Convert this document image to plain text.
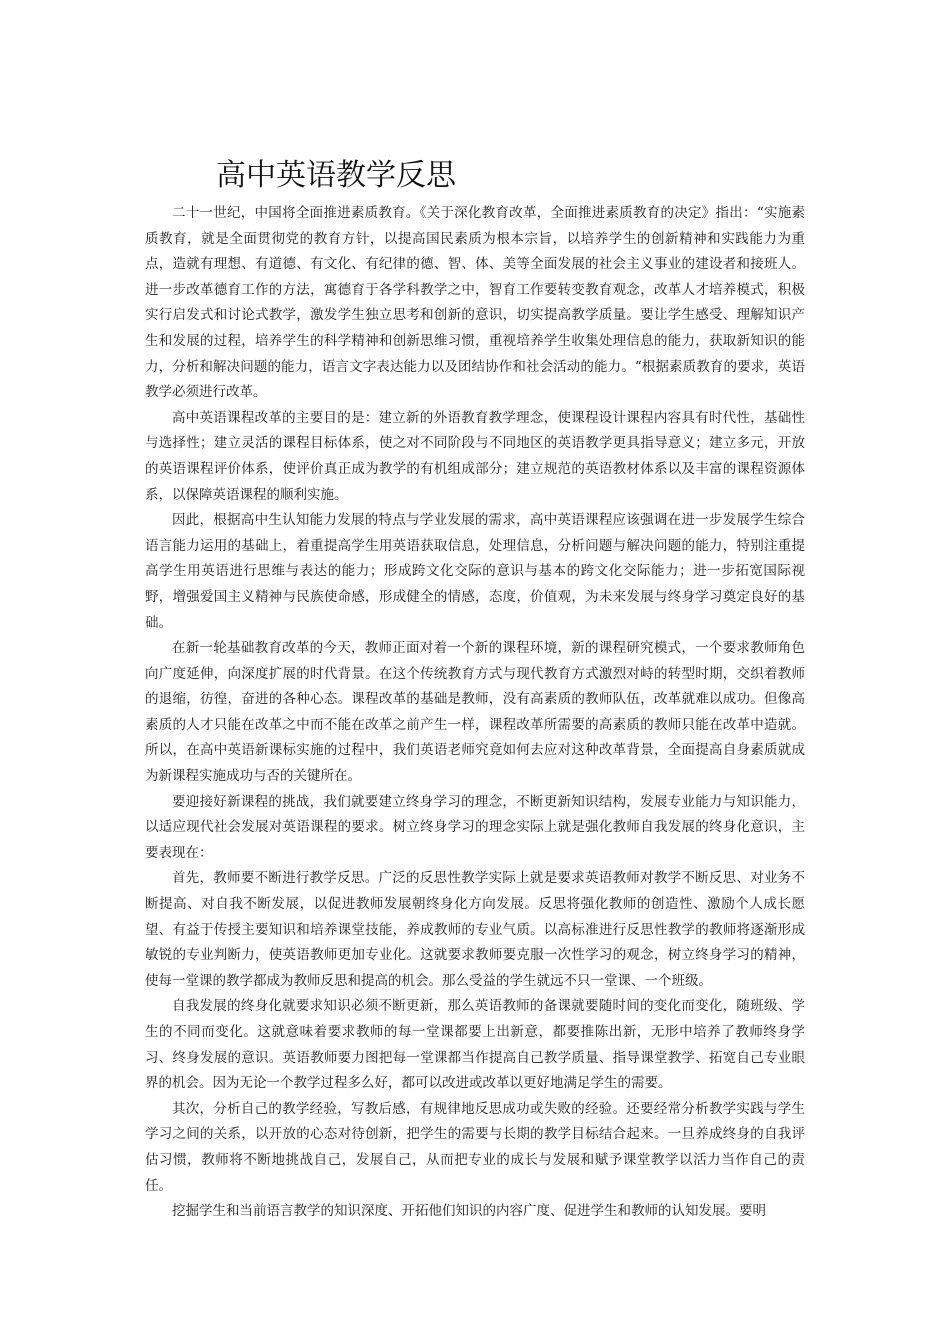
高中英语教学反思

二十一世纪，中国将全面推进素质教育。《关于深化教育改革，全面推进素质教育的决定》指出：“实施素质教育，就是全面贯彻党的教育方针，以提高国民素质为根本宗旨，以培养学生的创新精神和实践能力为重点，造就有理想、有道德、有文化、有纪律的德、智、体、美等全面发展的社会主义事业的建设者和接班人。进一步改革德育工作的方法，寓德育于各学科教学之中，智育工作要转变教育观念，改革人才培养模式，积极实行启发式和讨论式教学，激发学生独立思考和创新的意识，切实提高教学质量。要让学生感受、理解知识产生和发展的过程，培养学生的科学精神和创新思维习惯，重视培养学生收集处理信息的能力，获取新知识的能力，分析和解决问题的能力，语言文字表达能力以及团结协作和社会活动的能力。“根据素质教育的要求，英语教学必须进行改革。

高中英语课程改革的主要目的是：建立新的外语教育教学理念，使课程设计课程内容具有时代性，基础性与选择性；建立灵活的课程目标体系，使之对不同阶段与不同地区的英语教学更具指导意义；建立多元，开放的英语课程评价体系，使评价真正成为教学的有机组成部分；建立规范的英语教材体系以及丰富的课程资源体系，以保障英语课程的顺利实施。

因此，根据高中生认知能力发展的特点与学业发展的需求，高中英语课程应该强调在进一步发展学生综合语言能力运用的基础上，着重提高学生用英语获取信息，处理信息，分析问题与解决问题的能力，特别注重提高学生用英语进行思维与表达的能力；形成跨文化交际的意识与基本的跨文化交际能力；进一步拓宽国际视野，增强爱国主义精神与民族使命感，形成健全的情感，态度，价值观，为未来发展与终身学习奠定良好的基础。

在新一轮基础教育改革的今天，教师正面对着一个新的课程环境，新的课程研究模式，一个要求教师角色向广度延伸，向深度扩展的时代背景。在这个传统教育方式与现代教育方式激烈对峙的转型时期，交织着教师的退缩，彷徨，奋进的各种心态。课程改革的基础是教师，没有高素质的教师队伍，改革就难以成功。但像高素质的人才只能在改革之中而不能在改革之前产生一样，课程改革所需要的高素质的教师只能在改革中造就。所以，在高中英语新课标实施的过程中，我们英语老师究竟如何去应对这种改革背景，全面提高自身素质就成为新课程实施成功与否的关键所在。

要迎接好新课程的挑战，我们就要建立终身学习的理念，不断更新知识结构，发展专业能力与知识能力，以适应现代社会发展对英语课程的要求。树立终身学习的理念实际上就是强化教师自我发展的终身化意识，主要表现在：

首先，教师要不断进行教学反思。广泛的反思性教学实际上就是要求英语教师对教学不断反思、对业务不断提高、对自我不断发展，以促进教师发展朝终身化方向发展。反思将强化教师的创造性、激励个人成长愿望、有益于传授主要知识和培养课堂技能，养成教师的专业气质。以高标准进行反思性教学的教师将逐渐形成敏锐的专业判断力，使英语教师更加专业化。这就要求教师要克服一次性学习的观念，树立终身学习的精神，使每一堂课的教学都成为教师反思和提高的机会。那么受益的学生就远不只一堂课、一个班级。

自我发展的终身化就要求知识必须不断更新，那么英语教师的备课就要随时间的变化而变化，随班级、学生的不同而变化。这就意味着要求教师的每一堂课都要上出新意，都要推陈出新，无形中培养了教师终身学习、终身发展的意识。英语教师要力图把每一堂课都当作提高自己教学质量、指导课堂教学、拓宽自己专业眼界的机会。因为无论一个教学过程多么好，都可以改进或改革以更好地满足学生的需要。

其次，分析自己的教学经验，写教后感，有规律地反思成功或失败的经验。还要经常分析教学实践与学生学习之间的关系，以开放的心态对待创新，把学生的需要与长期的教学目标结合起来。一旦养成终身的自我评估习惯，教师将不断地挑战自己，发展自己，从而把专业的成长与发展和赋予课堂教学以活力当作自己的责任。

挖掘学生和当前语言教学的知识深度、开拓他们知识的内容广度、促进学生和教师的认知发展。要明
